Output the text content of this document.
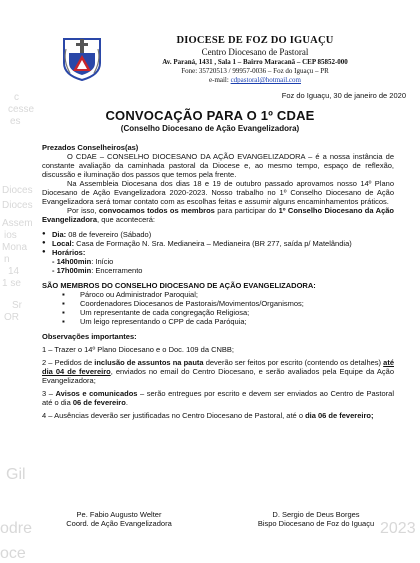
c
cesse
es
Dioces
Dioces
Assem
ios
Mona
n
14
1 se
Sr
OR
Gil
odre
oce
2023
DIOCESE DE FOZ DO IGUAÇU
Centro Diocesano de Pastoral
Av. Paraná, 1431 , Sala 1 – Bairro Maracanã – CEP 85852-000
Fone: 35720513 / 99957-0036 – Foz do Iguaçu – PR
e-mail: cdpastoral@hotmail.com
Foz do Iguaçu, 30 de janeiro de 2020
CONVOCAÇÃO PARA O 1º CDAE
(Conselho Diocesano de Ação Evangelizadora)

Prezados Conselheiros(as)

O CDAE – CONSELHO DIOCESANO DA AÇÃO EVANGELIZADORA – é a nossa instância de constante avaliação da caminhada pastoral da Diocese e, ao mesmo tempo, espaço de reflexão, discussão e iluminação dos passos que temos pela frente.

Na Assembleia Diocesana dos dias 18 e 19 de outubro passado aprovamos nosso 14º Plano Diocesano de Ação Evangelizadora 2020-2023. Nosso trabalho no 1º Conselho Diocesano de Ação Evangelizadora será tomar contato com as escolhas feitas e assumir alguns encaminhamentos práticos.

Por isso, convocamos todos os membros para participar do 1º Conselho Diocesano da Ação Evangelizadora, que acontecerá:

● Dia: 08 de fevereiro (Sábado)
● Local: Casa de Formação N. Sra. Medianeira – Medianeira (BR 277, saída p/ Matelândia)
● Horários:
- 14h00min: Início
- 17h00min: Encerramento

SÃO MEMBROS DO CONSELHO DIOCESANO DE AÇÃO EVANGELIZADORA:

▪ Pároco ou Administrador Paroquial;
▪ Coordenadores Diocesanos de Pastorais/Movimentos/Organismos;
▪ Um representante de cada congregação Religiosa;
▪ Um leigo representando o CPP de cada Paróquia;

Observações importantes:

1 – Trazer o 14º Plano Diocesano e o Doc. 109 da CNBB;

2 – Pedidos de inclusão de assuntos na pauta deverão ser feitos por escrito (contendo os detalhes) até dia 04 de fevereiro, enviados no email do Centro Diocesano, e serão avaliados pela Equipe da Ação Evangelizadora;

3 – Avisos e comunicados – serão entregues por escrito e devem ser enviados ao Centro de Pastoral até o dia 06 de fevereiro.

4 – Ausências deverão ser justificadas no Centro Diocesano de Pastoral, até o dia 06 de fevereiro;

Pe. Fabio Augusto Welter
Coord. de Ação Evangelizadora
D. Sergio de Deus Borges
Bispo Diocesano de Foz do Iguaçu
